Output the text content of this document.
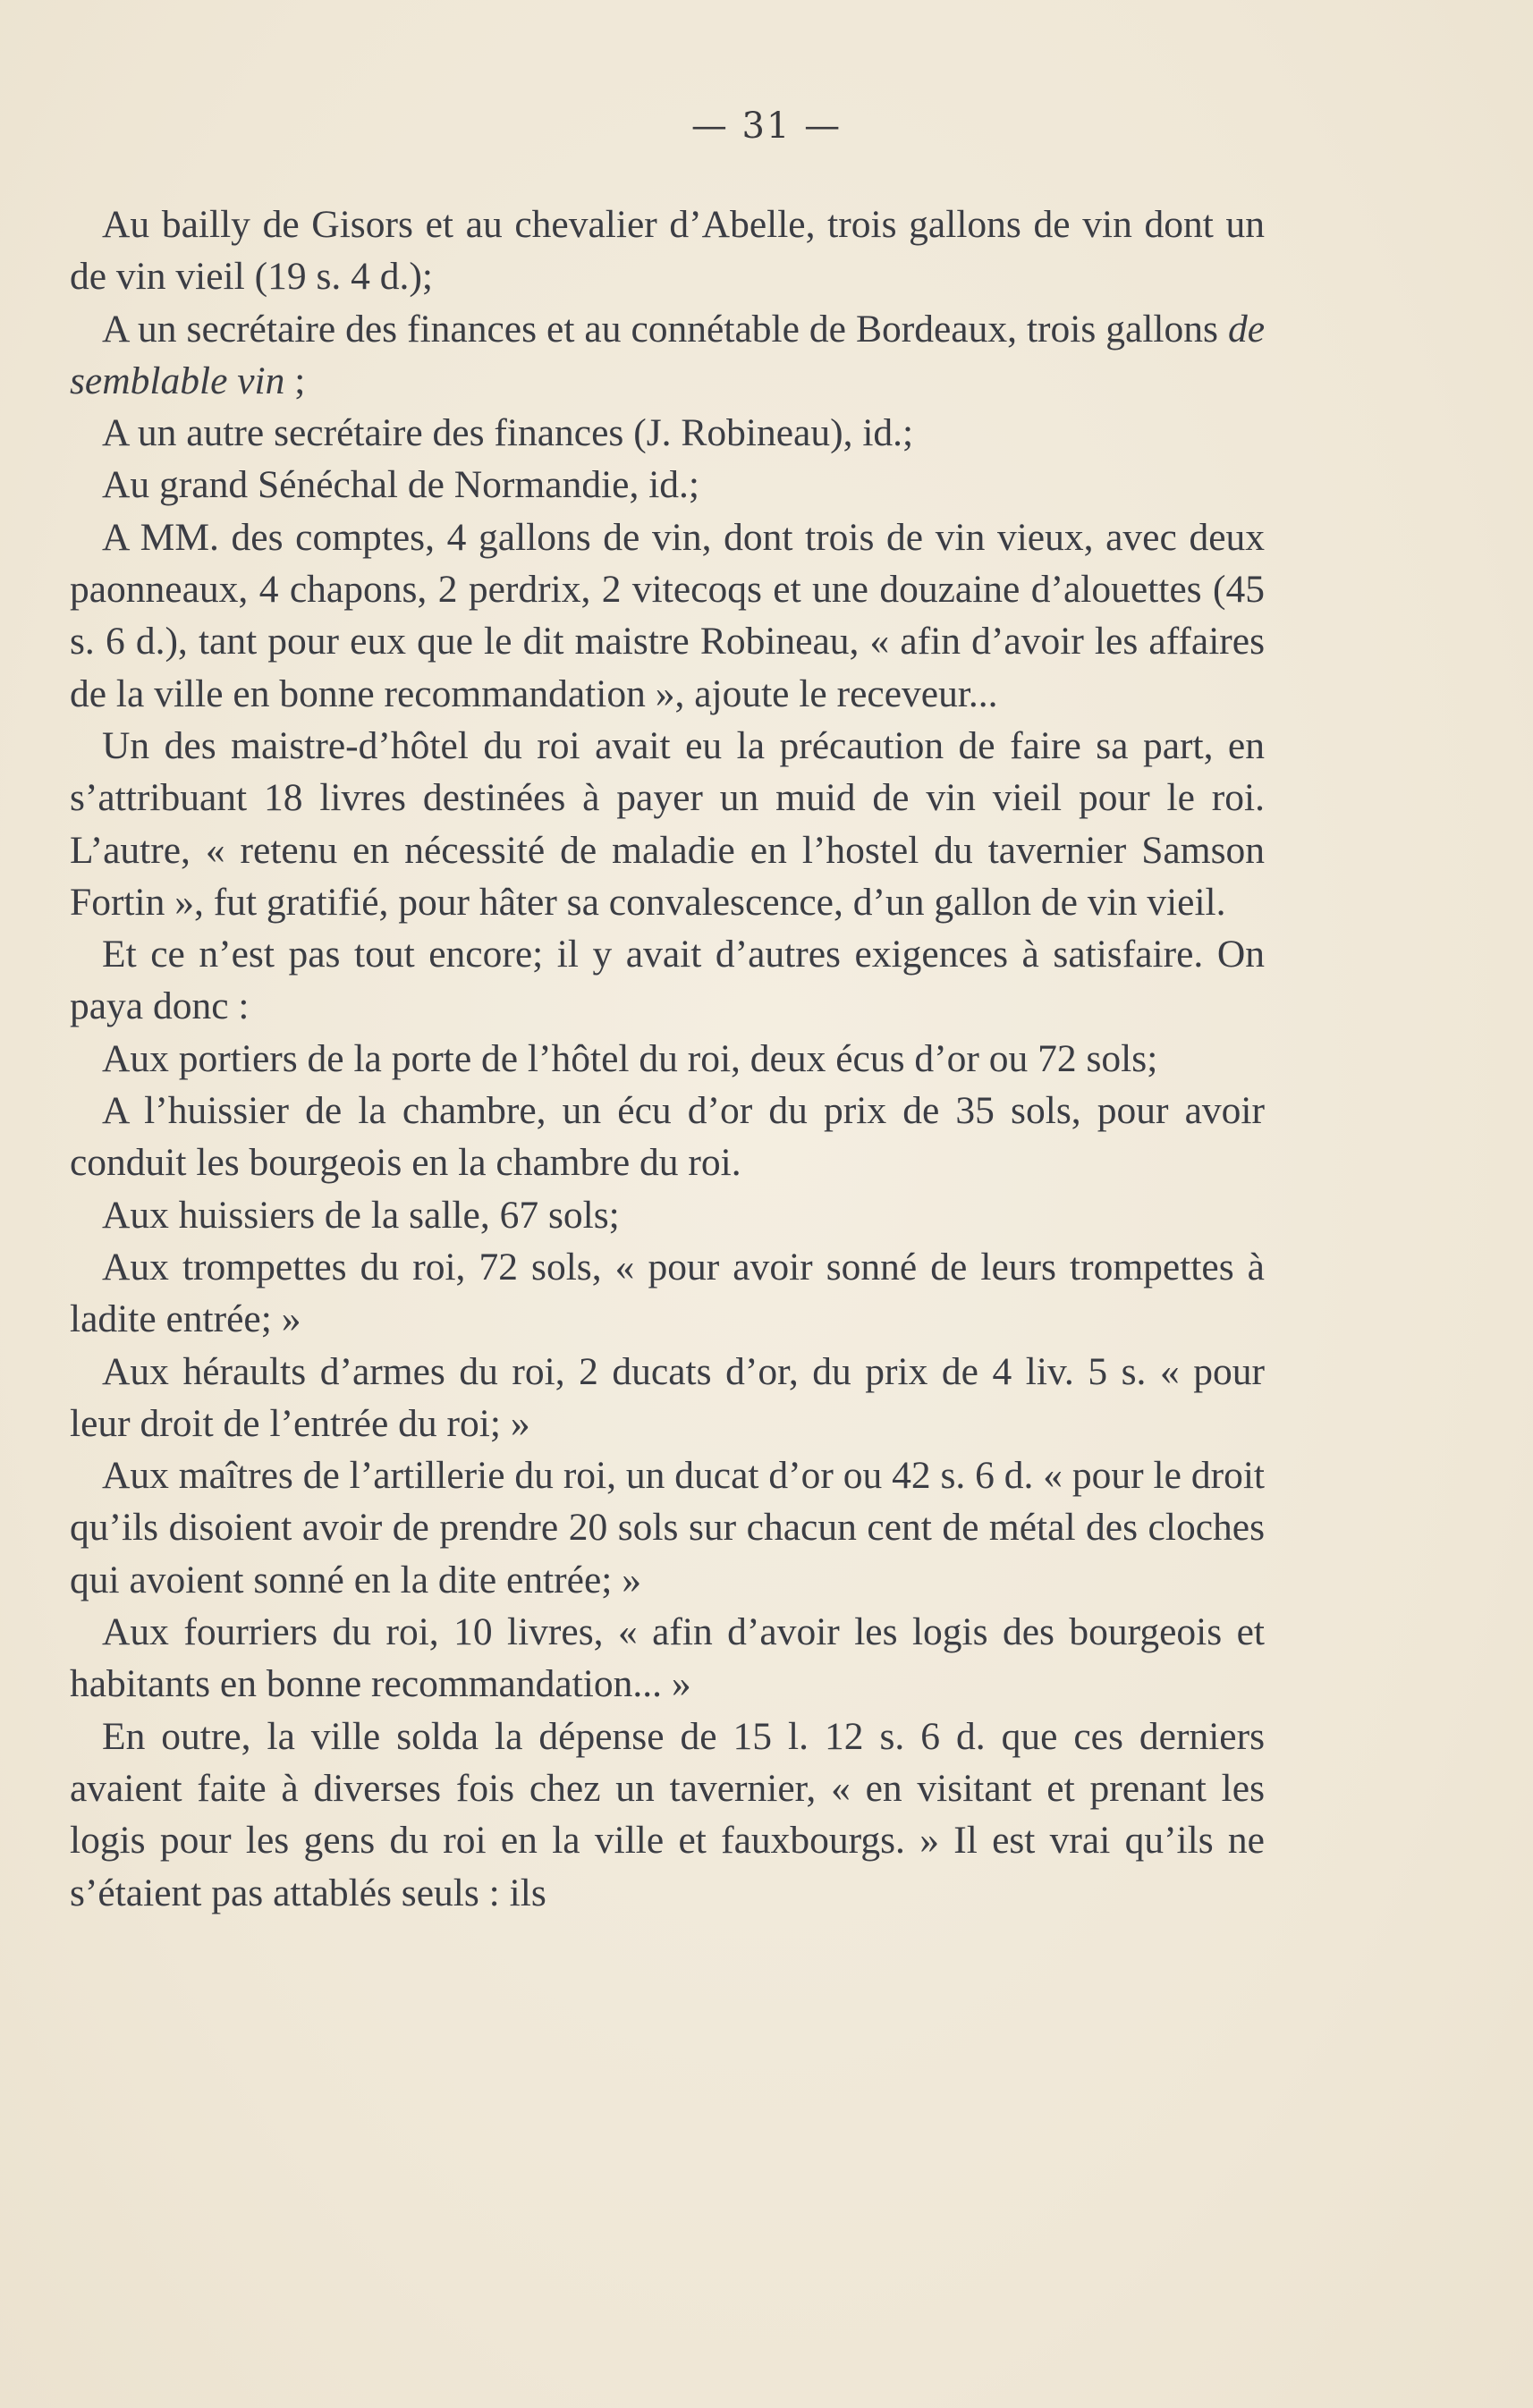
— 31 —

Au bailly de Gisors et au chevalier d’Abelle, trois gallons de vin dont un de vin vieil (19 s. 4 d.);

A un secrétaire des finances et au connétable de Bordeaux, trois gallons de semblable vin ;

A un autre secrétaire des finances (J. Robineau), id.;

Au grand Sénéchal de Normandie, id.;

A MM. des comptes, 4 gallons de vin, dont trois de vin vieux, avec deux paonneaux, 4 chapons, 2 perdrix, 2 vitecoqs et une douzaine d’alouettes (45 s. 6 d.), tant pour eux que le dit maistre Robineau, « afin d’avoir les affaires de la ville en bonne recommandation », ajoute le receveur...

Un des maistre-d’hôtel du roi avait eu la précaution de faire sa part, en s’attribuant 18 livres destinées à payer un muid de vin vieil pour le roi. L’autre, « retenu en nécessité de maladie en l’hostel du tavernier Samson Fortin », fut gratifié, pour hâter sa convalescence, d’un gallon de vin vieil.

Et ce n’est pas tout encore; il y avait d’autres exigences à satisfaire. On paya donc :

Aux portiers de la porte de l’hôtel du roi, deux écus d’or ou 72 sols;

A l’huissier de la chambre, un écu d’or du prix de 35 sols, pour avoir conduit les bourgeois en la chambre du roi.

Aux huissiers de la salle, 67 sols;

Aux trompettes du roi, 72 sols, « pour avoir sonné de leurs trompettes à ladite entrée; »

Aux héraults d’armes du roi, 2 ducats d’or, du prix de 4 liv. 5 s. « pour leur droit de l’entrée du roi; »

Aux maîtres de l’artillerie du roi, un ducat d’or ou 42 s. 6 d. « pour le droit qu’ils disoient avoir de prendre 20 sols sur chacun cent de métal des cloches qui avoient sonné en la dite entrée; »

Aux fourriers du roi, 10 livres, « afin d’avoir les logis des bourgeois et habitants en bonne recommandation... »

En outre, la ville solda la dépense de 15 l. 12 s. 6 d. que ces derniers avaient faite à diverses fois chez un tavernier, « en visitant et prenant les logis pour les gens du roi en la ville et fauxbourgs. » Il est vrai qu’ils ne s’étaient pas attablés seuls : ils
